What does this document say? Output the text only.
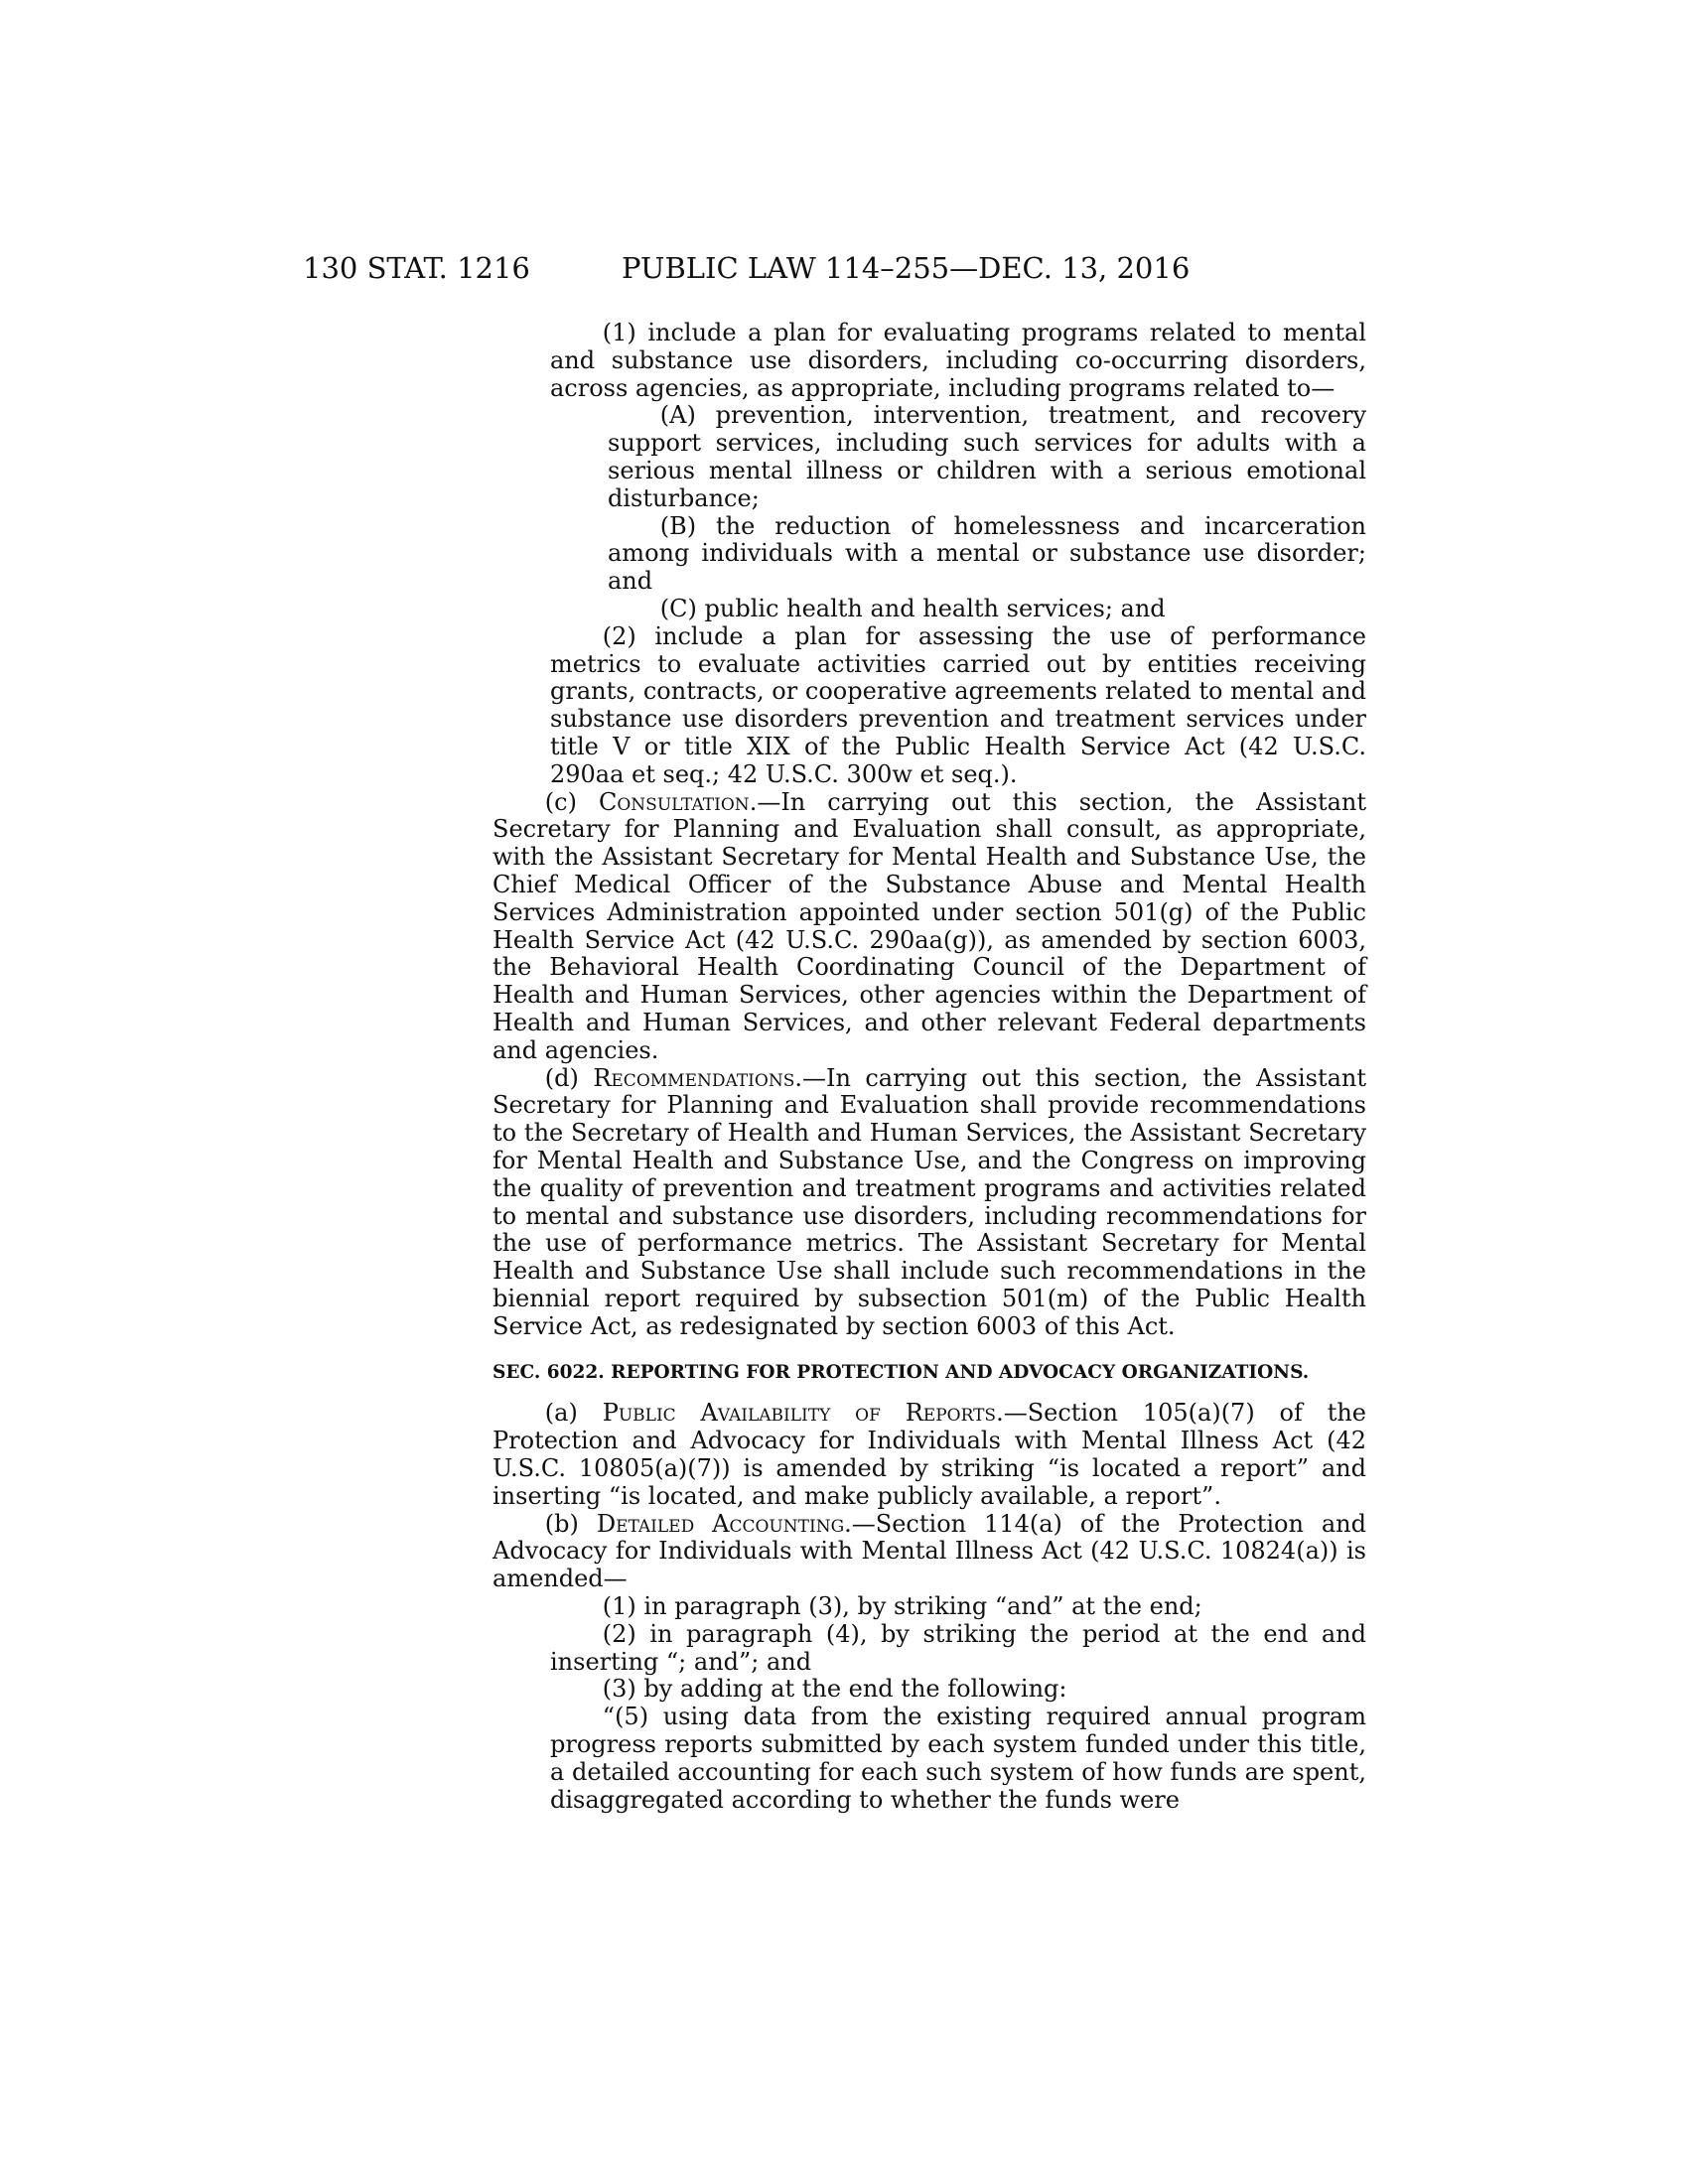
130 STAT. 1216	PUBLIC LAW 114–255—DEC. 13, 2016

(1) include a plan for evaluating programs related to mental and substance use disorders, including co-occurring disorders, across agencies, as appropriate, including programs related to—

(A) prevention, intervention, treatment, and recovery support services, including such services for adults with a serious mental illness or children with a serious emotional disturbance;

(B) the reduction of homelessness and incarceration among individuals with a mental or substance use disorder; and

(C) public health and health services; and

(2) include a plan for assessing the use of performance metrics to evaluate activities carried out by entities receiving grants, contracts, or cooperative agreements related to mental and substance use disorders prevention and treatment services under title V or title XIX of the Public Health Service Act (42 U.S.C. 290aa et seq.; 42 U.S.C. 300w et seq.).

(c) Consultation.—In carrying out this section, the Assistant Secretary for Planning and Evaluation shall consult, as appropriate, with the Assistant Secretary for Mental Health and Substance Use, the Chief Medical Officer of the Substance Abuse and Mental Health Services Administration appointed under section 501(g) of the Public Health Service Act (42 U.S.C. 290aa(g)), as amended by section 6003, the Behavioral Health Coordinating Council of the Department of Health and Human Services, other agencies within the Department of Health and Human Services, and other relevant Federal departments and agencies.

(d) Recommendations.—In carrying out this section, the Assistant Secretary for Planning and Evaluation shall provide recommendations to the Secretary of Health and Human Services, the Assistant Secretary for Mental Health and Substance Use, and the Congress on improving the quality of prevention and treatment programs and activities related to mental and substance use disorders, including recommendations for the use of performance metrics. The Assistant Secretary for Mental Health and Substance Use shall include such recommendations in the biennial report required by subsection 501(m) of the Public Health Service Act, as redesignated by section 6003 of this Act.

SEC. 6022. REPORTING FOR PROTECTION AND ADVOCACY ORGANIZATIONS.

(a) Public Availability of Reports.—Section 105(a)(7) of the Protection and Advocacy for Individuals with Mental Illness Act (42 U.S.C. 10805(a)(7)) is amended by striking “is located a report” and inserting “is located, and make publicly available, a report”.

(b) Detailed Accounting.—Section 114(a) of the Protection and Advocacy for Individuals with Mental Illness Act (42 U.S.C. 10824(a)) is amended—

(1) in paragraph (3), by striking “and” at the end;

(2) in paragraph (4), by striking the period at the end and inserting “; and”; and

(3) by adding at the end the following:

“(5) using data from the existing required annual program progress reports submitted by each system funded under this title, a detailed accounting for each such system of how funds are spent, disaggregated according to whether the funds were
